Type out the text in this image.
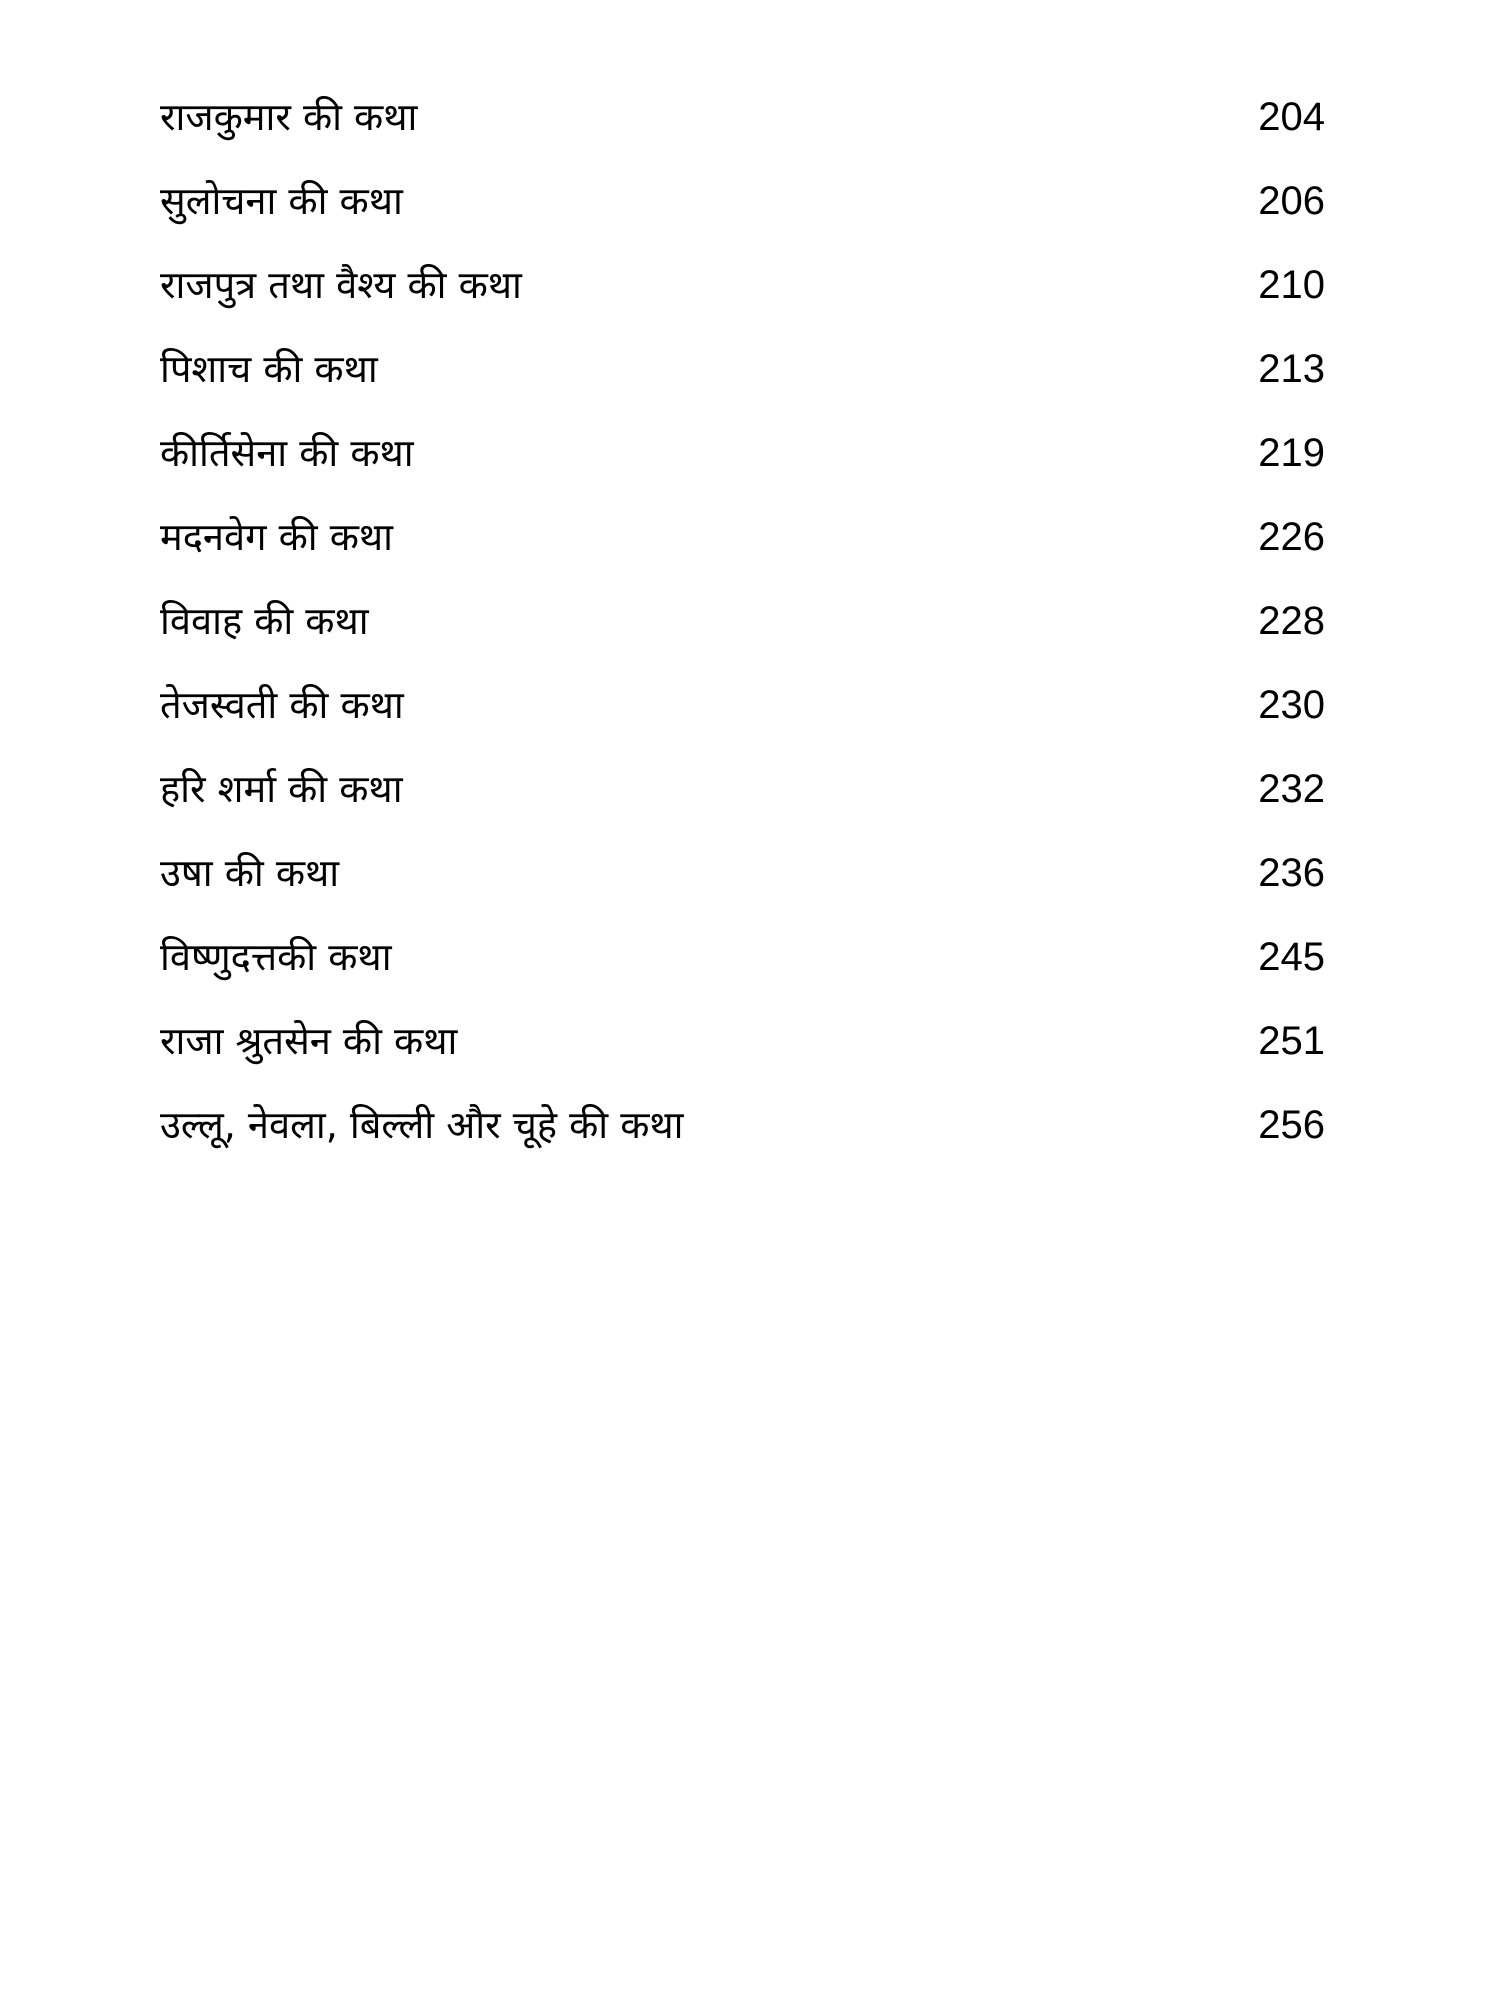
राजकुमार की कथा	204
सुलोचना की कथा	206
राजपुत्र तथा वैश्य की कथा	210
पिशाच की कथा	213
कीर्तिसेना की कथा	219
मदनवेग की कथा	226
विवाह की कथा	228
तेजस्वती की कथा	230
हरि शर्मा की कथा	232
उषा की कथा	236
विष्णुदत्तकी कथा	245
राजा श्रुतसेन की कथा	251
उल्लू, नेवला, बिल्ली और चूहे की कथा	256
